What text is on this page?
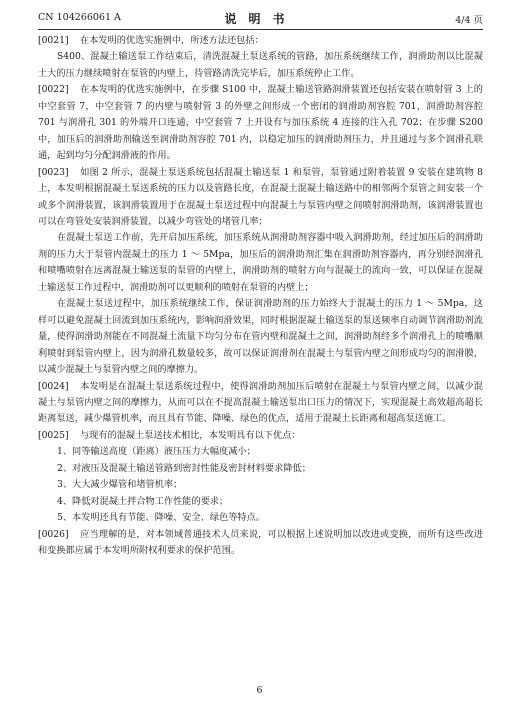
CN 104266061 A	说明书	4/4 页

[0021] 在本发明的优选实施例中，所述方法还包括：

S400、混凝土输送泵工作结束后，清洗混凝土泵送系统的管路，加压系统继续工作，润滑助剂以比混凝土大的压力继续喷射在泵管的内壁上，待管路清洗完毕后，加压系统停止工作。

[0022] 在本发明的优选实施例中，在步骤 S100 中，混凝土输送管路润滑装置还包括安装在喷射管 3 上的中空套管 7，中空套管 7 的内壁与喷射管 3 的外壁之间形成一个密闭的润滑助剂容腔 701，润滑助剂容腔 701 与润滑孔 301 的外端开口连通，中空套管 7 上开设有与加压系统 4 连接的注入孔 702；在步骤 S200 中，加压后的润滑助剂输送至润滑助剂容腔 701 内，以稳定加压的润滑助剂压力，并且通过与多个润滑孔联通，起到均匀分配润滑液的作用。

[0023] 如图 2 所示，混凝土泵送系统包括混凝土输送泵 1 和泵管，泵管通过附着装置 9 安装在建筑物 8 上，本发明根据混凝土泵送系统的压力以及管路长度，在混凝土混凝土输送路中的相邻两个泵管之间安装一个或多个润滑装置，该润滑装置用于在混凝土泵送过程中向混凝土与泵管内壁之间喷射润滑助剂，该润滑装置也可以在弯管处安装润滑装置，以减少弯管处的堵管几率；

在混凝土泵送工作前，先开启加压系统，加压系统从润滑助剂容器中吸入润滑助剂，经过加压后的润滑助剂的压力大于泵管内混凝土的压力 1 ～ 5Mpa，加压后的润滑助剂汇集在润滑助剂容器内，再分别经润滑孔和喷嘴喷射在远离混凝土输送泵的泵管的内壁上，润滑助剂的喷射方向与混凝土的流向一致，可以保证在混凝土输送泵工作过程中，润滑助剂可以更顺利的喷射在泵管的内壁上；

在混凝土泵送过程中，加压系统继续工作，保证润滑助剂的压力始终大于混凝土的压力 1 ～ 5Mpa，这样可以避免混凝土回流到加压系统内，影响润滑效果，同时根据混凝土输送泵的泵送频率自动调节润滑助剂流量，使得润滑助剂能在不同混凝土流量下均匀分布在管内壁和混凝土之间，润滑助剂经多个润滑孔上的喷嘴顺利喷射到泵管内壁上，因为润滑孔数量较多，故可以保证润滑剂在混凝土与泵管内壁之间形成均匀的润滑膜，以减少混凝土与泵管内壁之间的摩擦力。

[0024] 本发明是在混凝土泵送系统过程中，使得润滑助剂加压后喷射在混凝土与泵管内壁之间，以减少混凝土与泵管内壁之间的摩擦力，从而可以在不提高混凝土输送泵出口压力的情况下，实现混凝土高效超高超长距离泵送，减少爆管机率，而且具有节能、降噪、绿色的优点，适用于混凝土长距离和超高泵送施工。

[0025] 与现有的混凝土泵送技术相比，本发明具有以下优点：

1、同等输送高度（距离）液压压力大幅度减小；

2、对液压及混凝土输送管路到密封性能及密封材料要求降低；

3、大大减少爆管和堵管机率；

4、降低对混凝土拌合物工作性能的要求；

5、本发明还具有节能、降噪、安全、绿色等特点。

[0026] 应当理解的是，对本领域普通技术人员来说，可以根据上述说明加以改进或变换，而所有这些改进和变换都应属于本发明所附权利要求的保护范围。

6
